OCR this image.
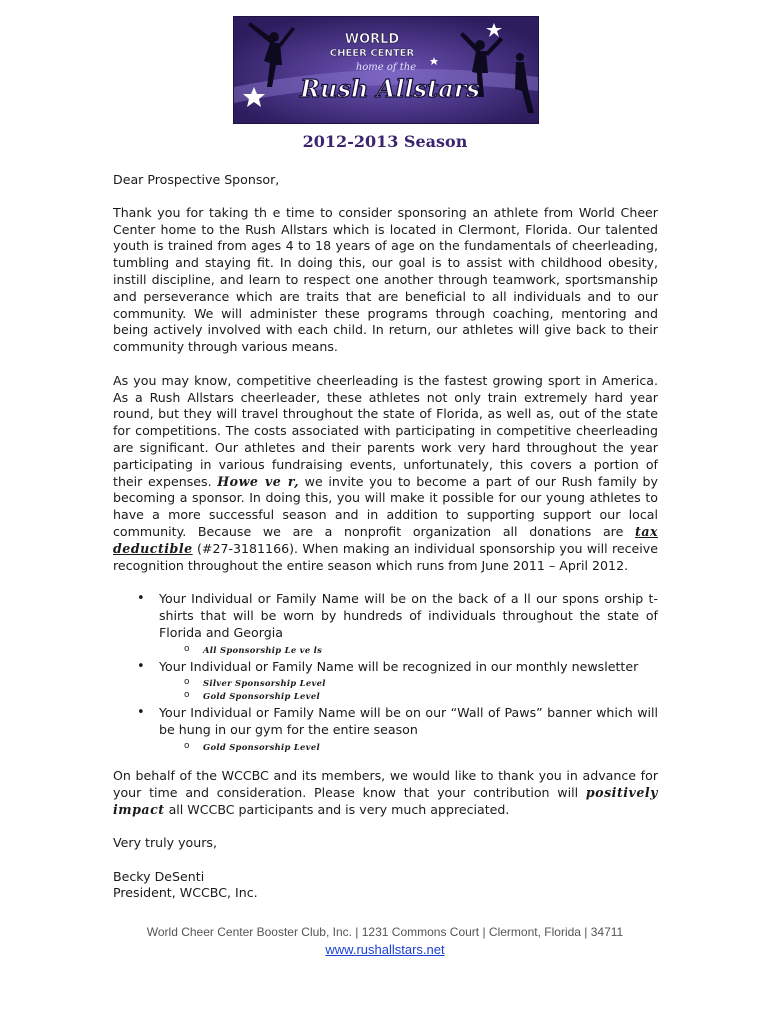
WORLD
CHEER CENTER
home of the
Rush Allstars
2012-2013 Season

Dear Prospective Sponsor,

Thank you for taking th e time to consider sponsoring an athlete from World Cheer Center home to the Rush Allstars which is located in Clermont, Florida. Our talented youth is trained from ages 4 to 18 years of age on the fundamentals of cheerleading, tumbling and staying fit. In doing this, our goal is to assist with childhood obesity, instill discipline, and learn to respect one another through teamwork, sportsmanship and perseverance which are traits that are beneficial to all individuals and to our community. We will administer these programs through coaching, mentoring and being actively involved with each child. In return, our athletes will give back to their community through various means.

As you may know, competitive cheerleading is the fastest growing sport in America. As a Rush Allstars cheerleader, these athletes not only train extremely hard year round, but they will travel throughout the state of Florida, as well as, out of the state for competitions. The costs associated with participating in competitive cheerleading are significant. Our athletes and their parents work very hard throughout the year participating in various fundraising events, unfortunately, this covers a portion of their expenses. Howe ve r, we invite you to become a part of our Rush family by becoming a sponsor. In doing this, you will make it possible for our young athletes to have a more successful season and in addition to supporting support our local community. Because we are a nonprofit organization all donations are tax deductible (#27-3181166). When making an individual sponsorship you will receive recognition throughout the entire season which runs from June 2011 – April 2012.

• Your Individual or Family Name will be on the back of a ll our spons orship t-shirts that will be worn by hundreds of individuals throughout the state of Florida and Georgia
o All Sponsorship Le ve ls
• Your Individual or Family Name will be recognized in our monthly newsletter
o Silver Sponsorship Level
o Gold Sponsorship Level
• Your Individual or Family Name will be on our “Wall of Paws” banner which will be hung in our gym for the entire season
o Gold Sponsorship Level

On behalf of the WCCBC and its members, we would like to thank you in advance for your time and consideration. Please know that your contribution will positively impact all WCCBC participants and is very much appreciated.

Very truly yours,

Becky DeSenti

President, WCCBC, Inc.

World Cheer Center Booster Club, Inc. | 1231 Commons Court | Clermont, Florida | 34711
www.rushallstars.net
